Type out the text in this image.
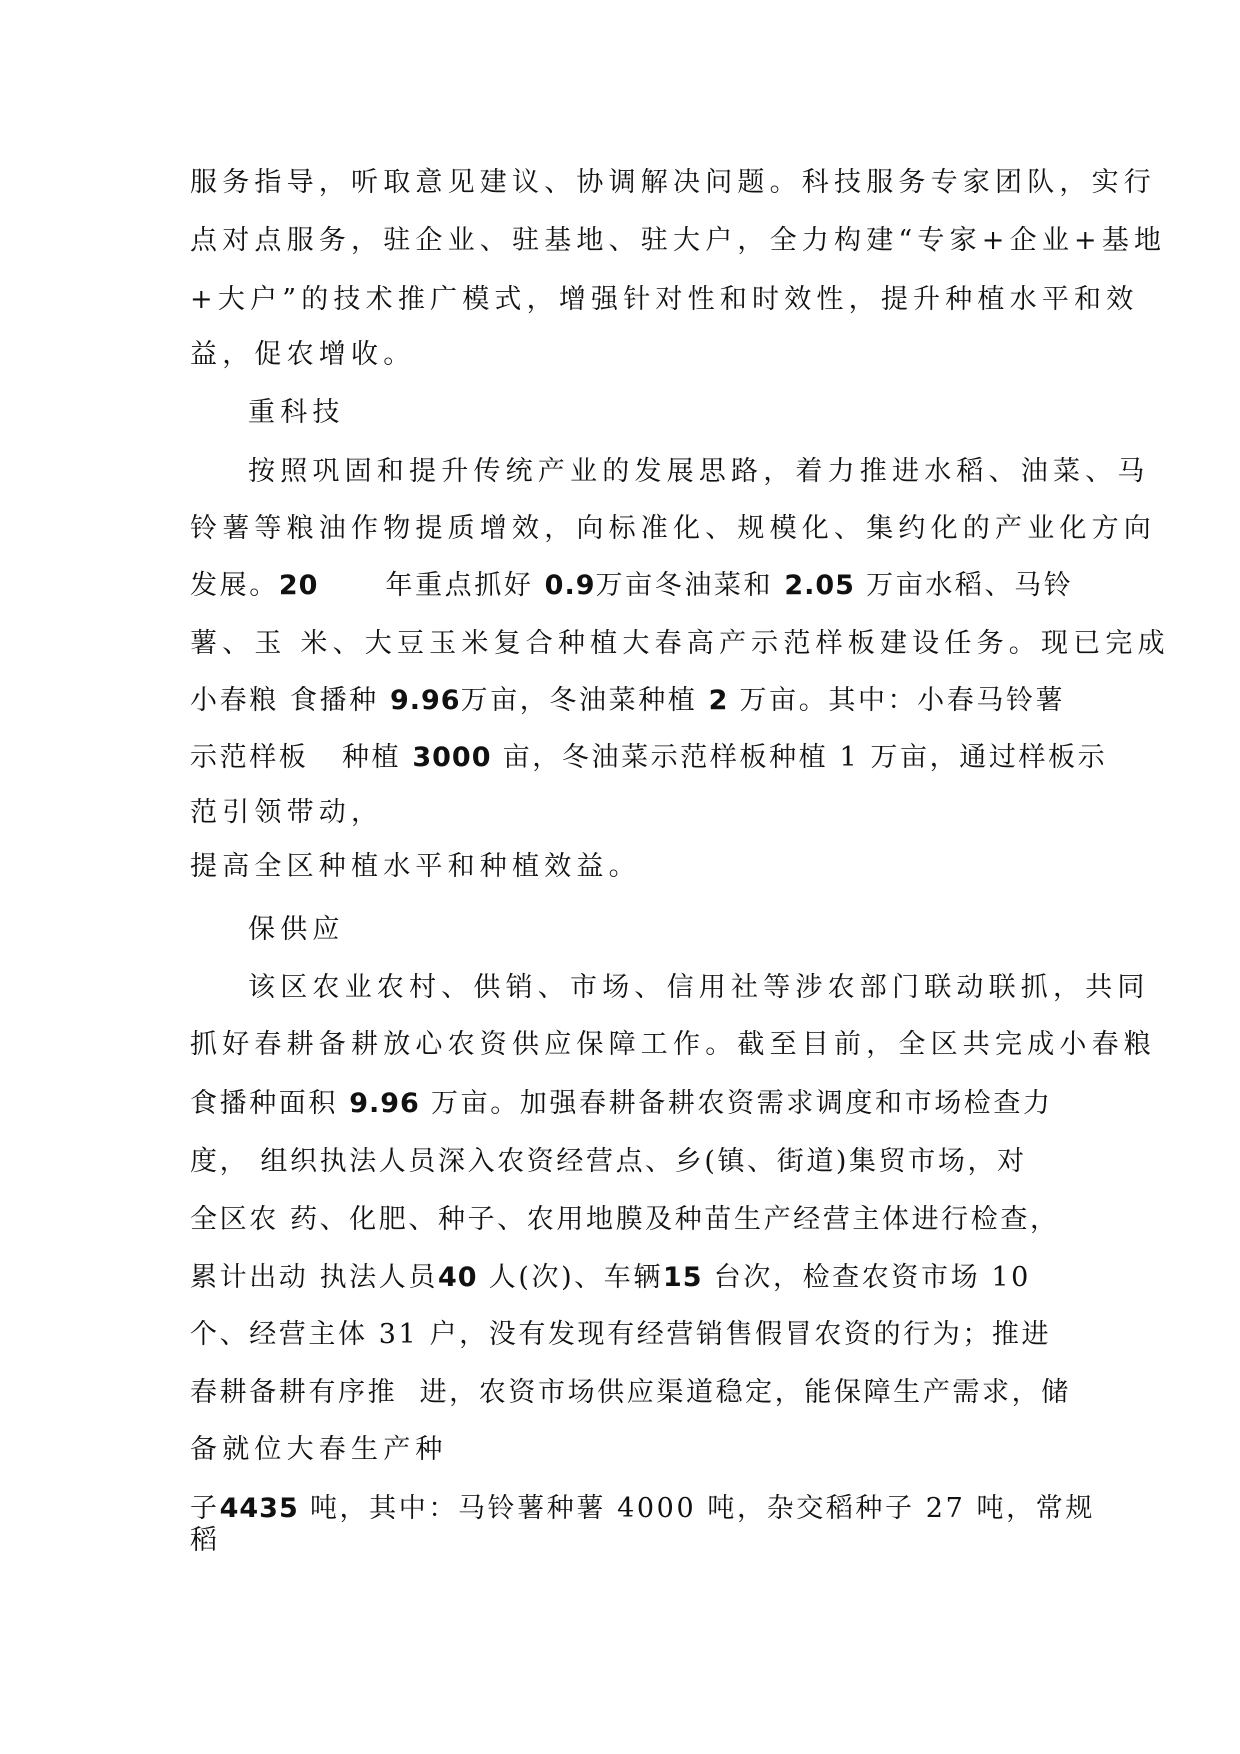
服务指导，听取意见建议、协调解决问题。科技服务专家团队，实行
点对点服务，驻企业、驻基地、驻大户，全力构建“专家+企业+基地
+大户”的技术推广模式，增强针对性和时效性，提升种植水平和效
益，促农增收。
重科技
按照巩固和提升传统产业的发展思路，着力推进水稻、油菜、马
铃薯等粮油作物提质增效，向标准化、规模化、集约化的产业化方向
发展。20      年重点抓好 0.9万亩冬油菜和 2.05 万亩水稻、马铃
薯、玉 米、大豆玉米复合种植大春高产示范样板建设任务。现已完成
小春粮 食播种 9.96万亩，冬油菜种植 2 万亩。其中：小春马铃薯
示范样板   种植 3000 亩，冬油菜示范样板种植 1 万亩，通过样板示
范引领带动，
提高全区种植水平和种植效益。
保供应
该区农业农村、供销、市场、信用社等涉农部门联动联抓，共同
抓好春耕备耕放心农资供应保障工作。截至目前，全区共完成小春粮
食播种面积 9.96 万亩。加强春耕备耕农资需求调度和市场检查力
度， 组织执法人员深入农资经营点、乡(镇、街道)集贸市场，对
全区农 药、化肥、种子、农用地膜及种苗生产经营主体进行检查，
累计出动 执法人员40 人(次)、车辆15 台次，检查农资市场 10
个、经营主体 31 户，没有发现有经营销售假冒农资的行为；推进
春耕备耕有序推  进，农资市场供应渠道稳定，能保障生产需求，储
备就位大春生产种
子4435 吨，其中：马铃薯种薯 4000 吨，杂交稻种子 27 吨，常规
稻
